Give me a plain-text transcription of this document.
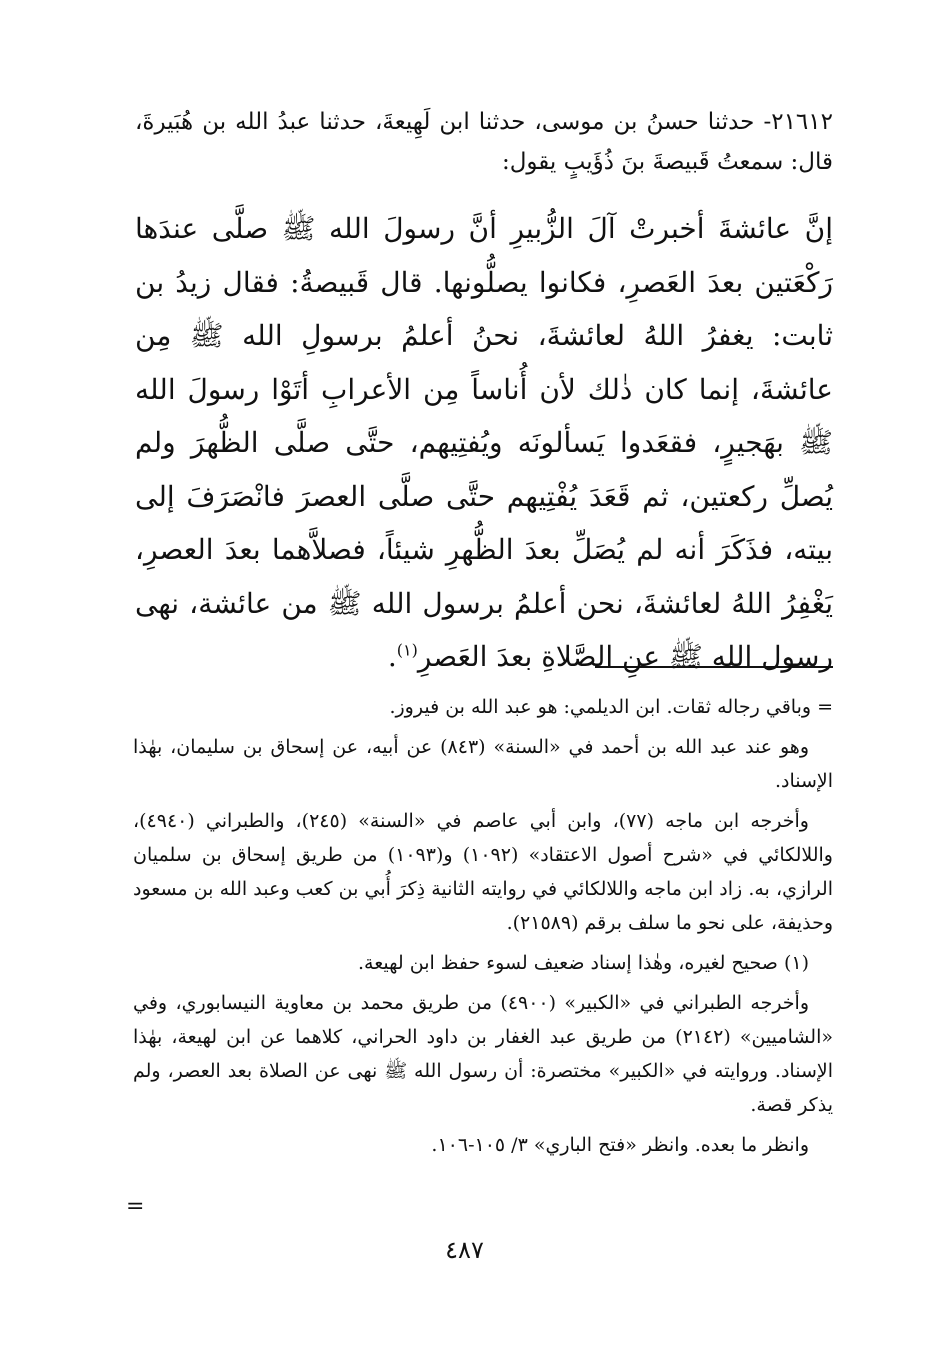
٢١٦١٢- حدثنا حسنُ بن موسى، حدثنا ابن لَهِيعةَ، حدثنا عبدُ الله بن هُبَيرةَ، قال: سمعتُ قَبيصةَ بنَ ذُؤَيبٍ يقول:

إنَّ عائشةَ أخبرتْ آلَ الزُّبيرِ أنَّ رسولَ الله ﷺ صلَّى عندَها رَكْعَتين بعدَ العَصرِ، فكانوا يصلُّونها. قال قَبيصةُ: فقال زيدُ بن ثابت: يغفرُ اللهُ لعائشةَ، نحنُ أعلمُ برسولِ الله ﷺ مِن عائشةَ، إنما كان ذٰلك لأن أُناساً مِن الأعرابِ أتَوْا رسولَ الله ﷺ بهَجيرٍ، فقعَدوا يَسألونَه ويُفتِيهم، حتَّى صلَّى الظُّهرَ ولم يُصلِّ ركعتين، ثم قَعَدَ يُفْتِيهم حتَّى صلَّى العصرَ فانْصَرَفَ إلى بيته، فذَكَرَ أنه لم يُصَلِّ بعدَ الظُّهرِ شيئاً، فصلاَّهما بعدَ العصرِ، يَغْفِرُ اللهُ لعائشةَ، نحن أعلمُ برسول الله ﷺ من عائشة، نهى رسول الله ﷺ عنِ الصَّلاةِ بعدَ العَصرِ$^{(١)}$.

= وباقي رجاله ثقات. ابن الديلمي: هو عبد الله بن فيروز.

وهو عند عبد الله بن أحمد في «السنة» (٨٤٣) عن أبيه، عن إسحاق بن سليمان، بهٰذا الإسناد.

وأخرجه ابن ماجه (٧٧)، وابن أبي عاصم في «السنة» (٢٤٥)، والطبراني (٤٩٤٠)، واللالكائي في «شرح أصول الاعتقاد» (١٠٩٢) و(١٠٩٣) من طريق إسحاق بن سلميان الرازي، به. زاد ابن ماجه واللالكائي في روايته الثانية ذِكرَ أُبي بن كعب وعبد الله بن مسعود وحذيفة، على نحو ما سلف برقم (٢١٥٨٩).

(١) صحيح لغيره، وهٰذا إسناد ضعيف لسوء حفظ ابن لهيعة.

وأخرجه الطبراني في «الكبير» (٤٩٠٠) من طريق محمد بن معاوية النيسابوري، وفي «الشاميين» (٢١٤٢) من طريق عبد الغفار بن داود الحراني، كلاهما عن ابن لهيعة، بهٰذا الإسناد. وروايته في «الكبير» مختصرة: أن رسول الله ﷺ نهى عن الصلاة بعد العصر، ولم يذكر قصة.

وانظر ما بعده. وانظر «فتح الباري» ٣/ ١٠٥-١٠٦.

=
٤٨٧
